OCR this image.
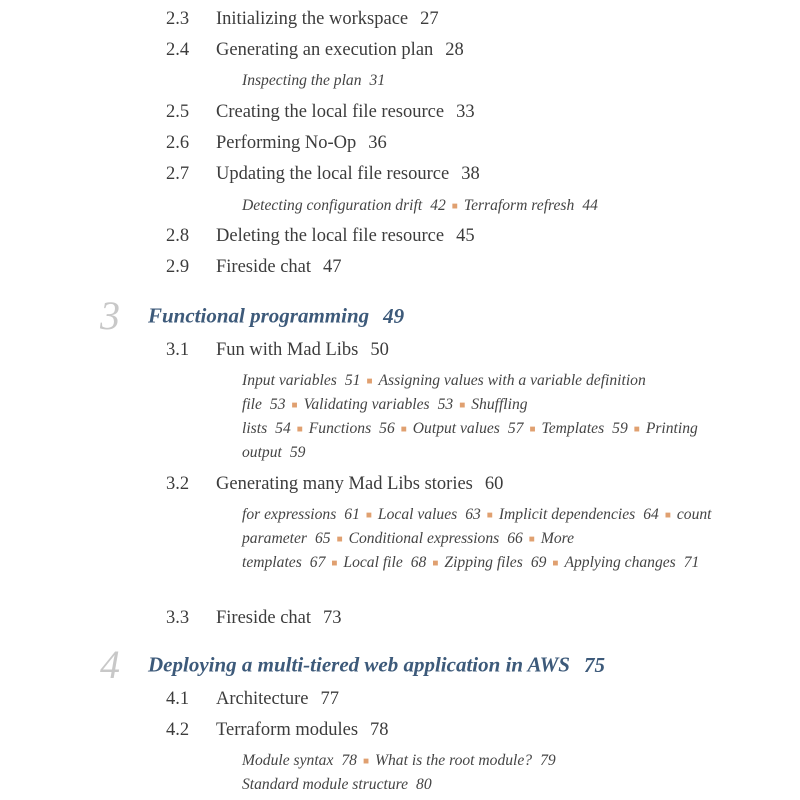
2.3 Initializing the workspace 27
2.4 Generating an execution plan 28
Inspecting the plan 31
2.5 Creating the local file resource 33
2.6 Performing No-Op 36
2.7 Updating the local file resource 38
Detecting configuration drift 42 ■ Terraform refresh 44
2.8 Deleting the local file resource 45
2.9 Fireside chat 47
3 Functional programming 49
3.1 Fun with Mad Libs 50
Input variables 51 ■ Assigning values with a variable definition file 53 ■ Validating variables 53 ■ Shuffling lists 54 ■ Functions 56 ■ Output values 57 ■ Templates 59 ■ Printing output 59
3.2 Generating many Mad Libs stories 60
for expressions 61 ■ Local values 63 ■ Implicit dependencies 64 ■ count parameter 65 ■ Conditional expressions 66 ■ More templates 67 ■ Local file 68 ■ Zipping files 69 ■ Applying changes 71
3.3 Fireside chat 73
4 Deploying a multi-tiered web application in AWS 75
4.1 Architecture 77
4.2 Terraform modules 78
Module syntax 78 ■ What is the root module? 79
Standard module structure 80
